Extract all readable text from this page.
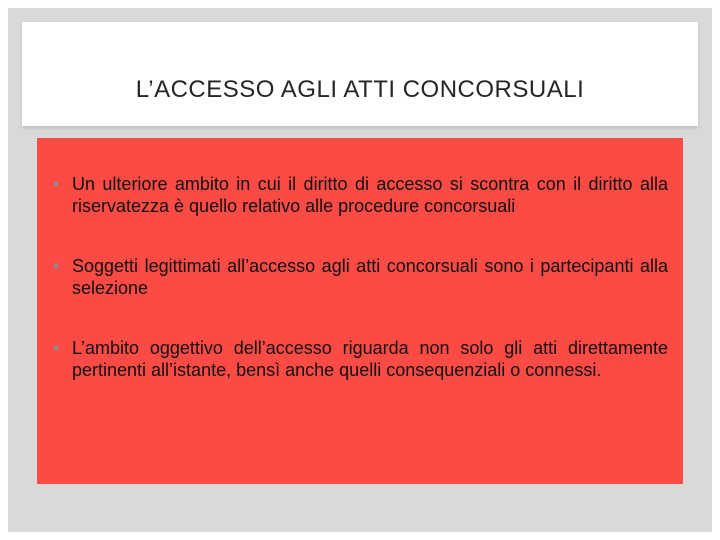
L’ACCESSO AGLI ATTI CONCORSUALI
• Un ulteriore ambito in cui il diritto di accesso si scontra con il diritto alla riservatezza è quello relativo alle procedure concorsuali
• Soggetti legittimati all’accesso agli atti concorsuali sono i partecipanti alla selezione
• L’ambito oggettivo dell’accesso riguarda non solo gli atti direttamente pertinenti all’istante, bensì anche quelli consequenziali o connessi.
